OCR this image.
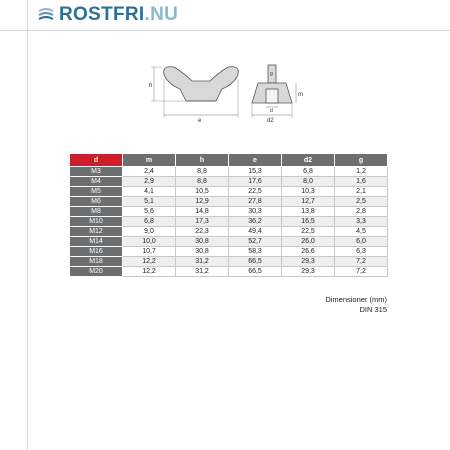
ROSTFRI.NU
h
e
m
g
d
d2
d	m	h	e	d2	g
M3	2,4	8,8	15,3	6,8	1,2
M4	2,9	8,8	17,6	8,0	1,6
M5	4,1	10,5	22,5	10,3	2,1
M6	5,1	12,9	27,8	12,7	2,5
M8	5,6	14,8	30,3	13,8	2,8
M10	6,8	17,3	36,2	16,5	3,3
M12	9,0	22,3	49,4	22,5	4,5
M14	10,0	30,8	52,7	26,0	6,0
M16	10,7	30,8	58,3	26,6	6,3
M18	12,2	31,2	66,5	29,3	7,2
M20	12,2	31,2	66,5	29,3	7,2
Dimensioner (mm)
DIN 315
